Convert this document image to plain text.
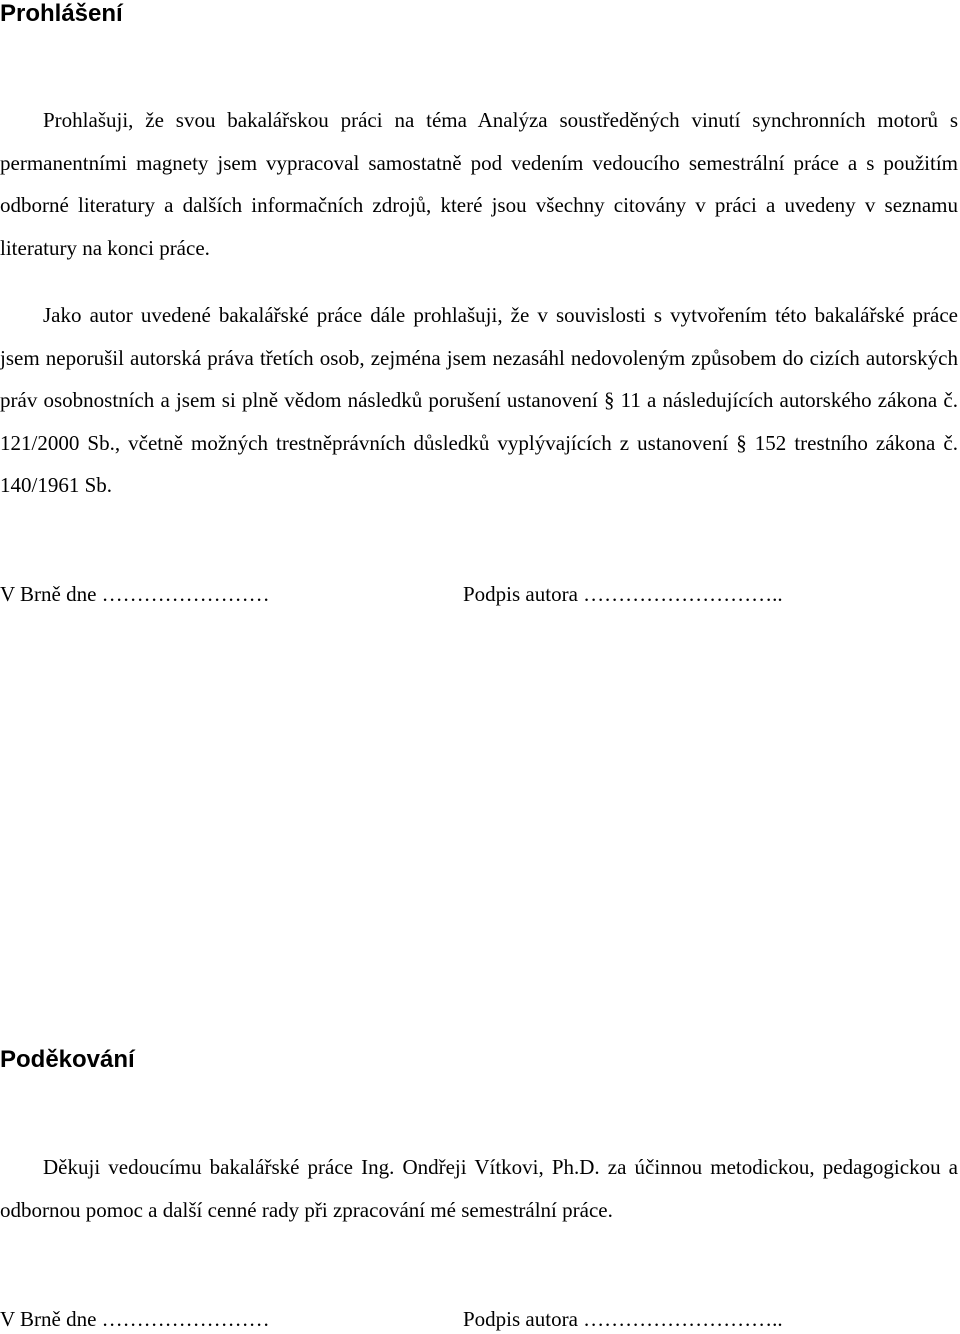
Prohlášení

Prohlašuji, že svou bakalářskou práci na téma Analýza soustředěných vinutí synchronních motorů s permanentními magnety jsem vypracoval samostatně pod vedením vedoucího semestrální práce a s použitím odborné literatury a dalších informačních zdrojů, které jsou všechny citovány v práci a uvedeny v seznamu literatury na konci práce.

Jako autor uvedené bakalářské práce dále prohlašuji, že v souvislosti s vytvořením této bakalářské práce jsem neporušil autorská práva třetích osob, zejména jsem nezasáhl nedovoleným způsobem do cizích autorských práv osobnostních a jsem si plně vědom následků porušení ustanovení § 11 a následujících autorského zákona č. 121/2000 Sb., včetně možných trestněprávních důsledků vyplývajících z ustanovení § 152 trestního zákona č. 140/1961 Sb.

V Brně dne ……………………	Podpis autora ………………………..
Poděkování

Děkuji vedoucímu bakalářské práce Ing. Ondřeji Vítkovi, Ph.D. za účinnou metodickou, pedagogickou a odbornou pomoc a další cenné rady při zpracování mé semestrální práce.

V Brně dne ……………………	Podpis autora ………………………..
